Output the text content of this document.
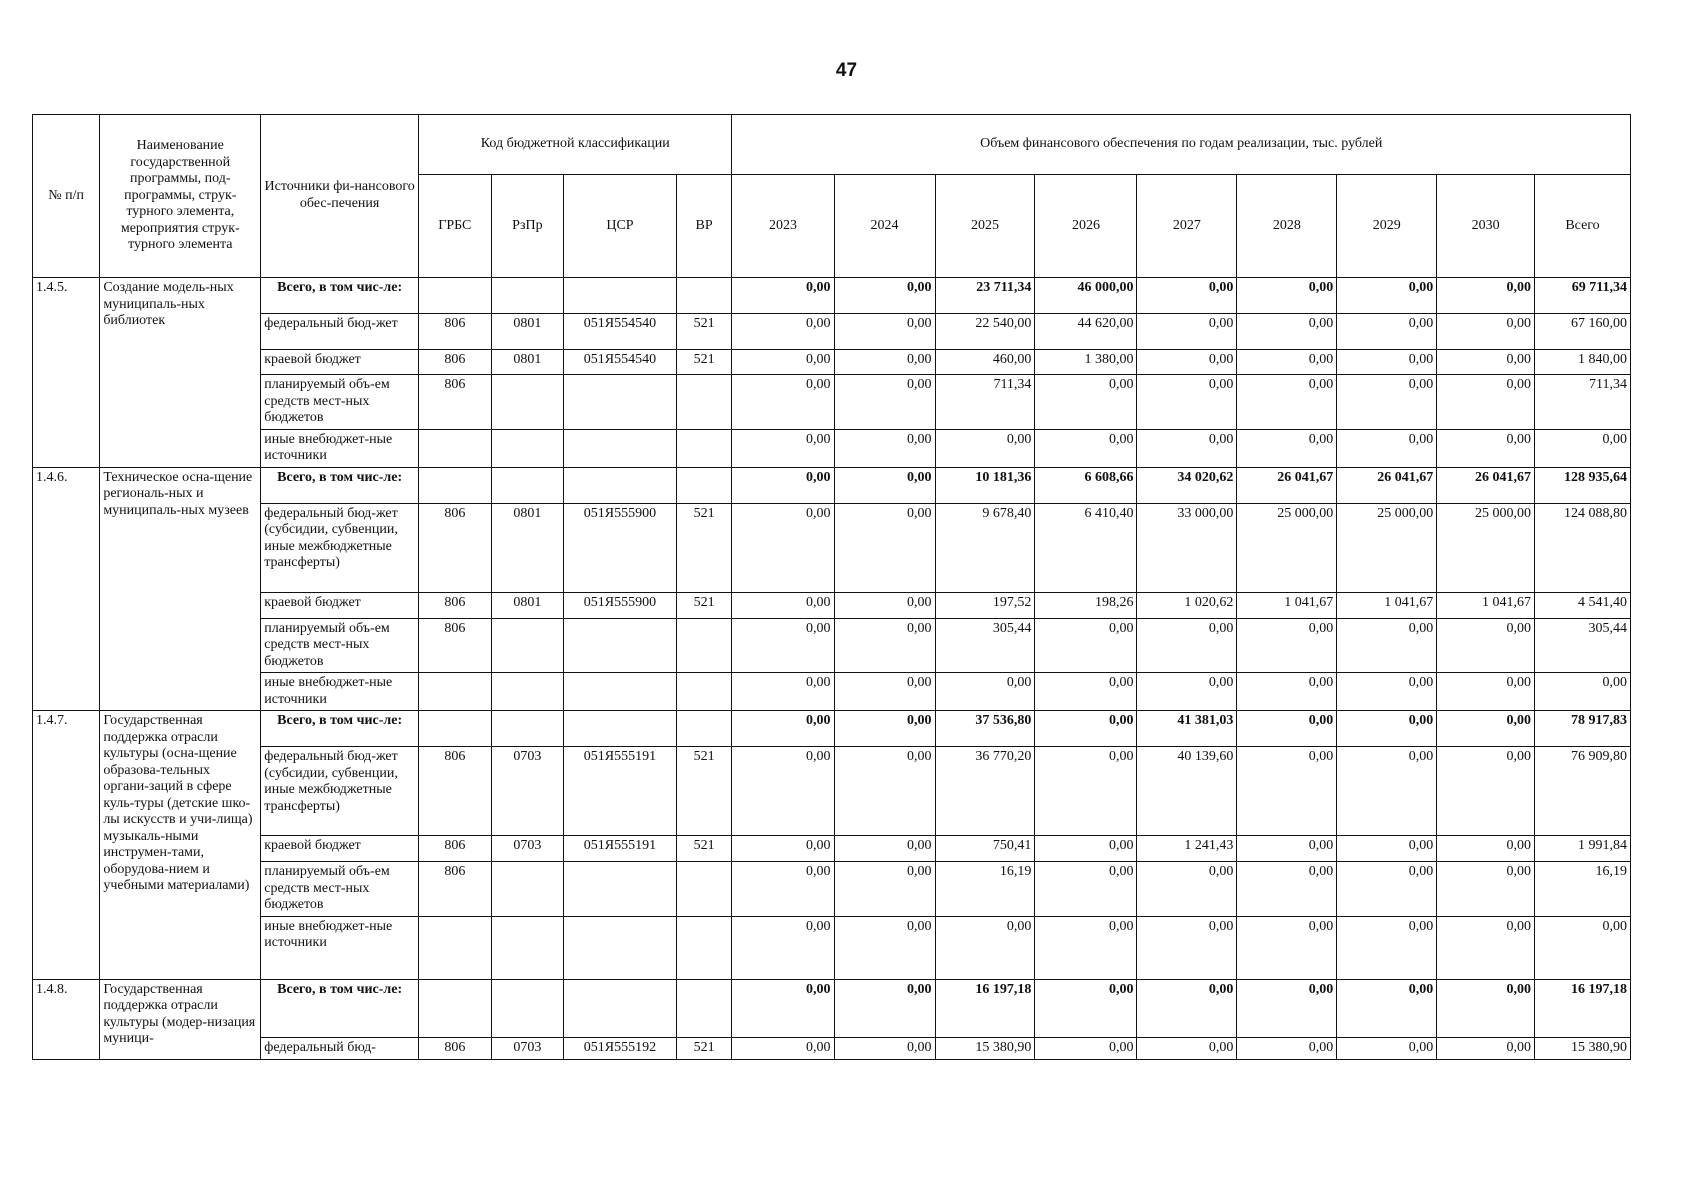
47
№ п/п	Наименование государственной программы, под-программы, струк-турного элемента, мероприятия струк-турного элемента	Источники фи-нансового обес-печения	Код бюджетной классификации				Объем финансового обеспечения по годам реализации, тыс. рублей								
			ГРБС	РзПр	ЦСР	ВР	2023	2024	2025	2026	2027	2028	2029	2030	Всего
1.4.5.	Создание модель-ных муниципаль-ных библиотек	Всего, в том чис-ле:					0,00	0,00	23 711,34	46 000,00	0,00	0,00	0,00	0,00	69 711,34
		федеральный бюд-жет	806	0801	051Я554540	521	0,00	0,00	22 540,00	44 620,00	0,00	0,00	0,00	0,00	67 160,00
		краевой бюджет	806	0801	051Я554540	521	0,00	0,00	460,00	1 380,00	0,00	0,00	0,00	0,00	1 840,00
		планируемый объ-ем средств мест-ных бюджетов	806				0,00	0,00	711,34	0,00	0,00	0,00	0,00	0,00	711,34
		иные внебюджет-ные источники					0,00	0,00	0,00	0,00	0,00	0,00	0,00	0,00	0,00
1.4.6.	Техническое осна-щение региональ-ных и муниципаль-ных музеев	Всего, в том чис-ле:					0,00	0,00	10 181,36	6 608,66	34 020,62	26 041,67	26 041,67	26 041,67	128 935,64
		федеральный бюд-жет (субсидии, субвенции, иные межбюджетные трансферты)	806	0801	051Я555900	521	0,00	0,00	9 678,40	6 410,40	33 000,00	25 000,00	25 000,00	25 000,00	124 088,80
		краевой бюджет	806	0801	051Я555900	521	0,00	0,00	197,52	198,26	1 020,62	1 041,67	1 041,67	1 041,67	4 541,40
		планируемый объ-ем средств мест-ных бюджетов	806				0,00	0,00	305,44	0,00	0,00	0,00	0,00	0,00	305,44
		иные внебюджет-ные источники					0,00	0,00	0,00	0,00	0,00	0,00	0,00	0,00	0,00
1.4.7.	Государственная поддержка отрасли культуры (осна-щение образова-тельных органи-заций в сфере куль-туры (детские шко-лы искусств и учи-лища) музыкаль-ными инструмен-тами, оборудова-нием и учебными материалами)	Всего, в том чис-ле:					0,00	0,00	37 536,80	0,00	41 381,03	0,00	0,00	0,00	78 917,83
		федеральный бюд-жет (субсидии, субвенции, иные межбюджетные трансферты)	806	0703	051Я555191	521	0,00	0,00	36 770,20	0,00	40 139,60	0,00	0,00	0,00	76 909,80
		краевой бюджет	806	0703	051Я555191	521	0,00	0,00	750,41	0,00	1 241,43	0,00	0,00	0,00	1 991,84
		планируемый объ-ем средств мест-ных бюджетов	806				0,00	0,00	16,19	0,00	0,00	0,00	0,00	0,00	16,19
		иные внебюджет-ные источники					0,00	0,00	0,00	0,00	0,00	0,00	0,00	0,00	0,00
1.4.8.	Государственная поддержка отрасли культуры (модер-низация муници-	Всего, в том чис-ле:					0,00	0,00	16 197,18	0,00	0,00	0,00	0,00	0,00	16 197,18
		федеральный бюд-	806	0703	051Я555192	521	0,00	0,00	15 380,90	0,00	0,00	0,00	0,00	0,00	15 380,90
